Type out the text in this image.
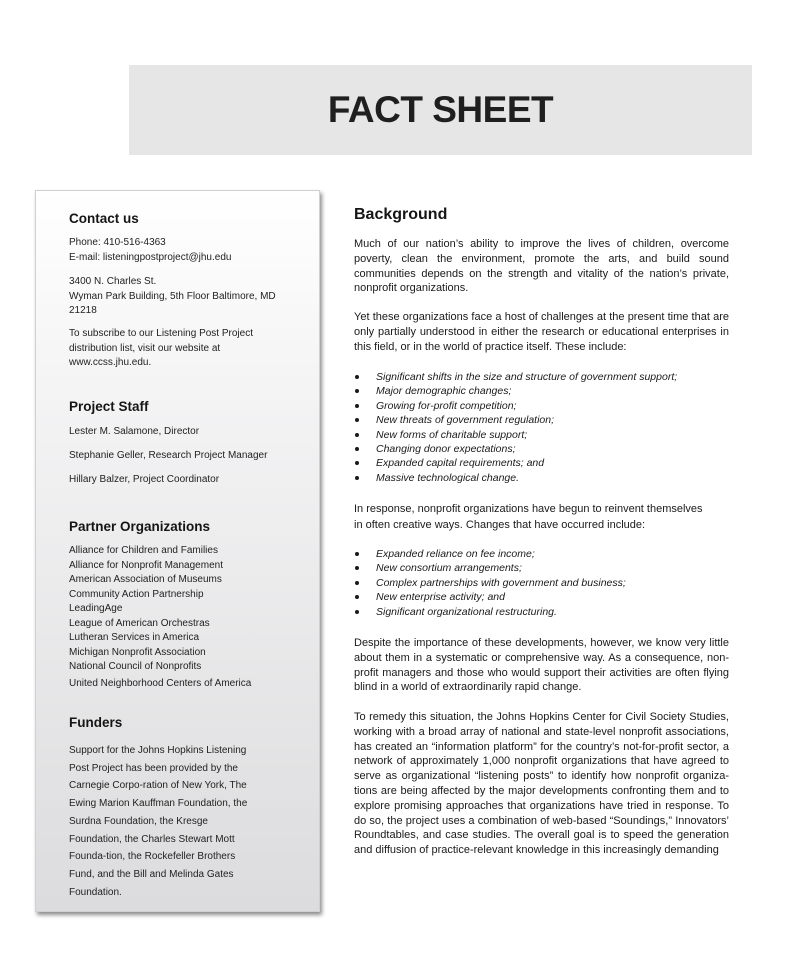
FACT SHEET

Contact us

Phone: 410-516-4363

E-mail: listeningpostproject@jhu.edu

3400 N. Charles St.

Wyman Park Building, 5th Floor Baltimore, MD

21218

To subscribe to our Listening Post Project

distribution list, visit our website at

www.ccss.jhu.edu.

Project Staff

Lester M. Salamone, Director
Stephanie Geller, Research Project Manager
Hillary Balzer, Project Coordinator

Partner Organizations

Alliance for Children and Families
Alliance for Nonprofit Management
American Association of Museums
Community Action Partnership
LeadingAge
League of American Orchestras
Lutheran Services in America
Michigan Nonprofit Association
National Council of Nonprofits
United Neighborhood Centers of America

Funders

Support for the Johns Hopkins Listening

Post Project has been provided by the

Carnegie Corpo-ration of New York, The

Ewing Marion Kauffman Foundation, the

Surdna Foundation, the Kresge

Foundation, the Charles Stewart Mott

Founda-tion, the Rockefeller Brothers

Fund, and the Bill and Melinda Gates

Foundation.

Background

Much of our nation’s ability to improve the lives of children, overcome poverty, clean the environment, promote the arts, and build sound communities depends on the strength and vitality of the nation’s private, nonprofit organizations.

Yet these organizations face a host of challenges at the present time that are only partially understood in either the research or educational enterprises in this field, or in the world of practice itself. These include:

Significant shifts in the size and structure of government support;
Major demographic changes;
Growing for-profit competition;
New threats of government regulation;
New forms of charitable support;
Changing donor expectations;
Expanded capital requirements; and
Massive technological change.

In response, nonprofit organizations have begun to reinvent themselves

in often creative ways. Changes that have occurred include:

Expanded reliance on fee income;
New consortium arrangements;
Complex partnerships with government and business;
New enterprise activity; and
Significant organizational restructuring.

Despite the importance of these developments, however, we know very little about them in a systematic or comprehensive way. As a consequence, non-profit managers and those who would support their activities are often flying blind in a world of extraordinarily rapid change.

To remedy this situation, the Johns Hopkins Center for Civil Society Studies, working with a broad array of national and state-level nonprofit associations, has created an “information platform” for the country’s not-for-profit sector, a network of approximately 1,000 nonprofit organizations that have agreed to serve as organizational “listening posts” to identify how nonprofit organiza-tions are being affected by the major developments confronting them and to explore promising approaches that organizations have tried in response. To do so, the project uses a combination of web-based “Soundings,” Innovators’ Roundtables, and case studies. The overall goal is to speed the generation and diffusion of practice-relevant knowledge in this increasingly demanding
